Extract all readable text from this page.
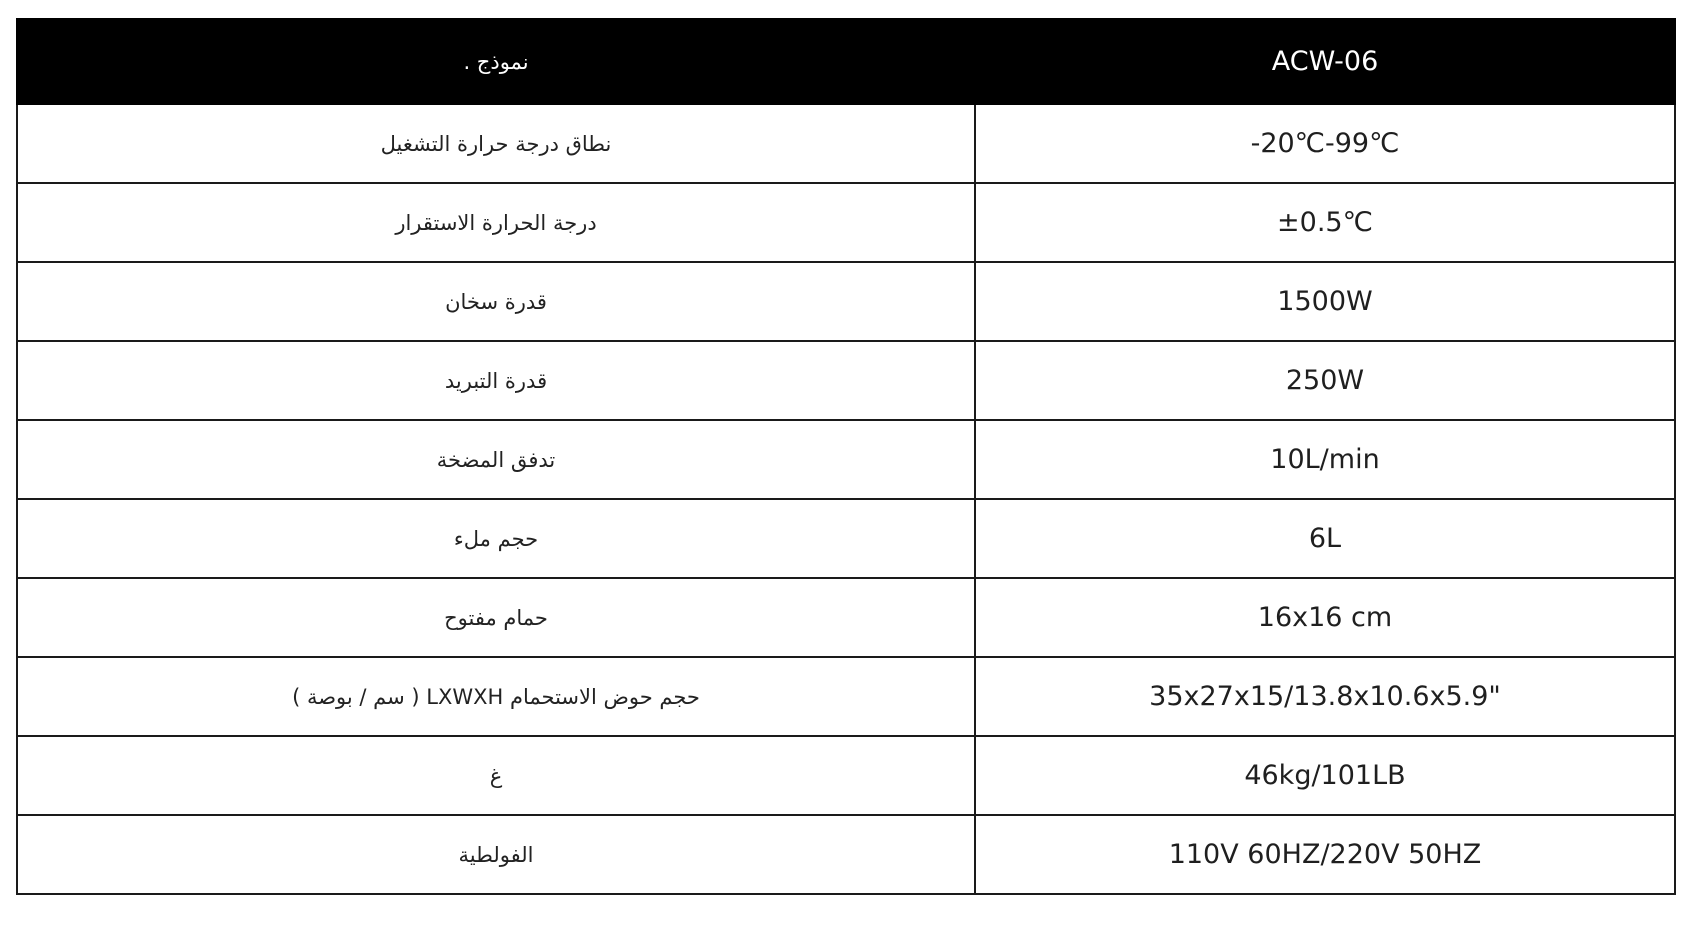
نموذج .	ACW-06
نطاق درجة حرارة التشغيل	-20℃-99℃
درجة الحرارة الاستقرار	±0.5℃
قدرة سخان	1500W
قدرة التبريد	250W
تدفق المضخة	10L/min
حجم ملء	6L
حمام مفتوح	16x16 cm
حجم حوض الاستحمام LXWXH ( سم / بوصة )	35x27x15/13.8x10.6x5.9"
غ	46kg/101LB
الفولطية	110V 60HZ/220V 50HZ
